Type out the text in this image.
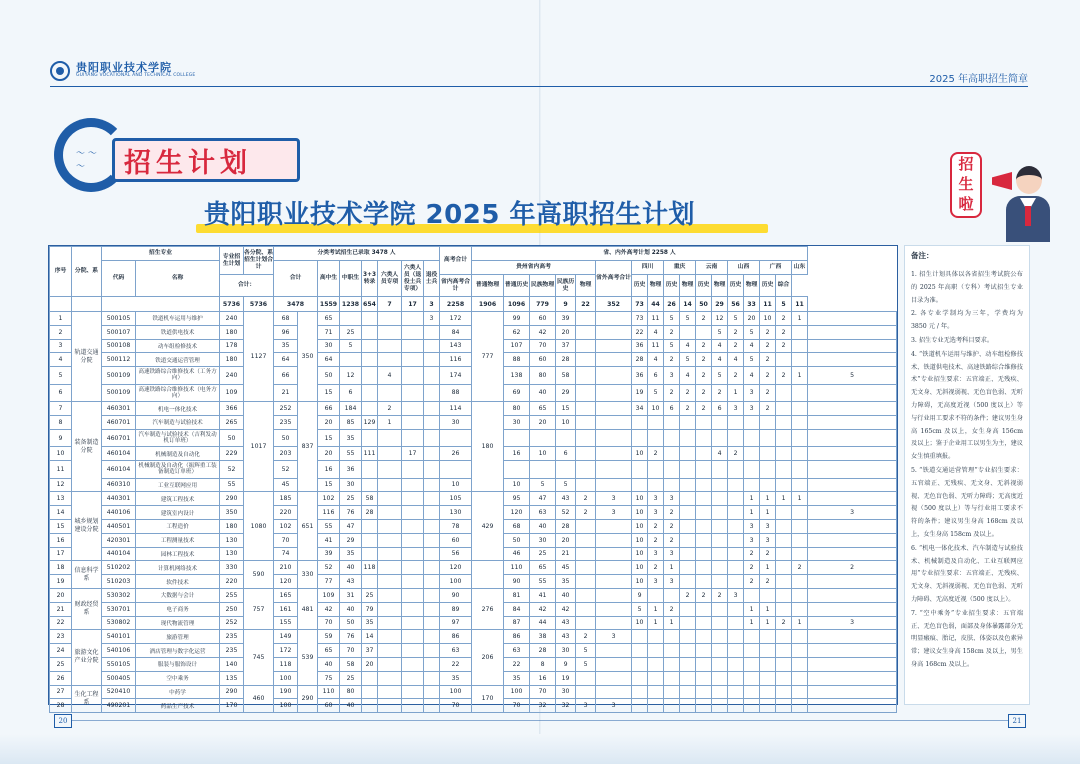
贵阳职业技术学院
GUIYANG VOCATIONAL AND TECHNICAL COLLEGE	2025 年高职招生简章
〜 〜
〜	招生计划
贵阳职业技术学院 2025 年高职招生计划
招
生
啦
序号	分院、系	招生专业		专业招生计划	各分院、系招生计划合计	分类考试招生已录取 3478 人								高考合计	省、内外高考计划 2258 人																	
		代码	名称			合计		高中生	中职生	3+3 转录	六类人员专项	六类人员（退役士兵专项）	退役士兵		贵州省内高考					省外高考合计	四川		重庆		云南		山西		广西		山东	
				合计：										省内高考合计	普通物理	普通历史	民族物理	民族历史	物理		历史	物理	历史	物理	历史	物理	历史	物理	历史	综合		
				5736	5736	3478		1559	1238	654	7	17	3	2258	1906	1096	779	9	22	352	73	44	26	14	50	29	56	33	11	5	11	
1	轨道交通分院	500105	铁道机车运用与维护	240	1127	68	350	65					3	172	777	99	60	39			73	11	5	5	2	12	5	20	10	2	1	
2		500107	铁道供电技术	180		96		71	25					84		62	42	20			22	4	2			5	2	5	2	2		
3		500108	动车组检修技术	178		35		30	5					143		107	70	37			36	11	5	4	2	4	2	4	2	2		
4		500112	铁道交通运营管理	180		64		64						116		88	60	28			28	4	2	5	2	4	4	5	2			
5		500109	高速铁路综合维修技术（工务方向）	240		66		50	12		4			174		138	80	58			36	6	3	4	2	5	2	4	2	2	1	5
6		500109	高速铁路综合维修技术（电务方向）	109		21		15	6					88		69	40	29			19	5	2	2	2	2	1	3	2			
7	装备制造分院	460301	机电一体化技术	366	1017	252	837	66	184		2			114	180	80	65	15			34	10	6	2	2	6	3	3	2			
8		460701	汽车制造与试验技术	265		235		20	85	129	1			30		30	20	10														
9		460701	汽车制造与试验技术（吉利发动机订单班）	50		50		15	35																							
10		460104	机械制造及自动化	229		203		20	55	111		17		26		16	10	6			10	2				4	2					
11		460104	机械制造及自动化（振辉重工装备制造订单班）	52		52		16	36																							
12		460310	工业互联网应用	55		45		15	30					10		10	5	5														
13	城乡规划建设分院	440301	建筑工程技术	290	1080	185	651	102	25	58				105	429	95	47	43	2	3	10	3	3					1	1	1	1	
14		440106	建筑室内设计	350		220		116	76	28				130		120	63	52	2	3	10	3	2					1	1			3
15		440501	工程造价	180		102		55	47					78		68	40	28			10	2	2					3	3			
16		420301	工程测量技术	130		70		41	29					60		50	30	20			10	2	2					3	3			
17		440104	园林工程技术	130		74		39	35					56		46	25	21			10	3	3					2	2			
18	信息科学系	510202	计算机网络技术	330	590	210	330	52	40	118				120		110	65	45			10	2	1					2	1		2	2
19		510203	软件技术	220		120		77	43					100		90	55	35			10	3	3					2	2			
20	财政经贸系	530302	大数据与会计	255	757	165	481	109	31	25				90	276	81	41	40			9			2	2	2	3					
21		530701	电子商务	250		161		42	40	79				89		84	42	42			5	1	2					1	1			
22		530802	现代物流管理	252		155		70	50	35				97		87	44	43			10	1	1					1	1	2	1	3
23	旅游文化产业分院	540101	旅游管理	235	745	149	539	59	76	14				86	206	86	38	43	2	3												
24		540106	酒店管理与数字化运营	235		172		65	70	37				63		63	28	30	5													
25		550105	服装与服饰设计	140		118		40	58	20				22		22	8	9	5													
26		500405	空中乘务	135		100		75	25					35		35	16	19														
27	生化工程系	520410	中药学	290	460	190	290	110	80					100	170	100	70	30														
28		490201	药品生产技术	170		100		60	40					70		70	32	32	3	3												
备注：

1. 招生计划具体以各省招生考试院公布的 2025 年高职（专科）考试招生专业目录为准。

2. 各专业学制均为三年，学费均为 3850 元 / 年。

3. 招生专业无选考科目要求。

4. “铁道机车运用与维护、动车组检修技术、铁道供电技术、高速铁路综合维修技术”专业招生要求：五官端正、无残疾、无文身、无斜视弱视、无色盲色弱、无听力障碍，无高度近视（500 度以上）等与行业用工要求不符的条件；建议男生身高 165cm 及以上，女生身高 156cm 及以上；鉴于企业用工以男生为主，建议女生慎重填报。

5. “铁道交通运营管理”专业招生要求：五官端正、无残疾、无文身、无斜视弱视、无色盲色弱、无听力障碍；无高度近视（500 度以上）等与行业用工要求不符的条件；建议男生身高 168cm 及以上，女生身高 158cm 及以上。

6. “机电一体化技术、汽车制造与试验技术、机械制造及自动化、工业互联网应用”专业招生要求：五官端正、无残疾、无文身、无斜视弱视、无色盲色弱、无听力障碍、无高度近视（500 度以上）。

7. “空中乘务”专业招生要求：五官端正、无色盲色弱，面部及身体暴露部分无明显瘢痕、胎记，皮肤、体姿以及色素异常；建议女生身高 158cm 及以上，男生身高 168cm 及以上。

20	21
